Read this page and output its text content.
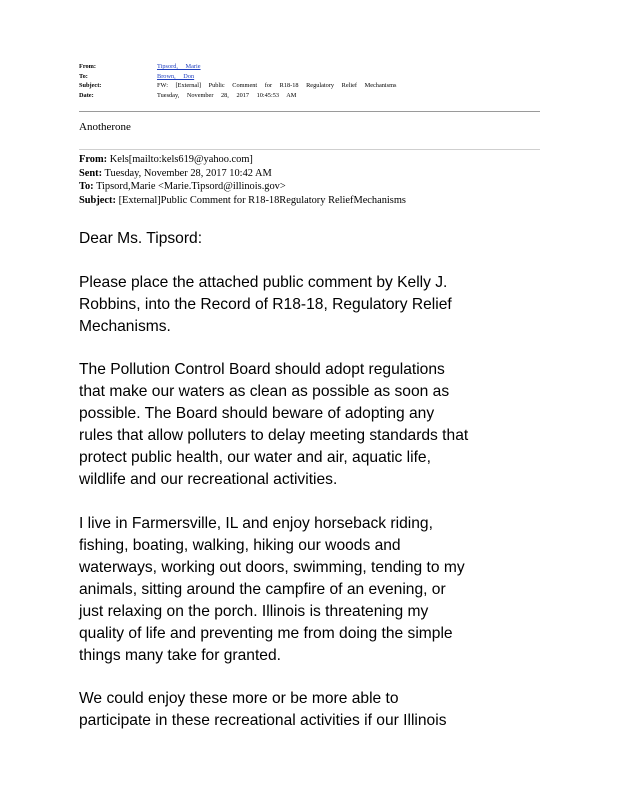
From:	Tipsord, Marie
To:	Brown, Don
Subject:	FW: [External] Public Comment for R18-18 Regulatory Relief Mechanisms
Date:	Tuesday, November 28, 2017 10:45:53 AM
Anotherone
From: Kels[mailto:kels619@yahoo.com]
Sent: Tuesday, November 28, 2017 10:42 AM
To: Tipsord,Marie <Marie.Tipsord@illinois.gov>
Subject: [External]Public Comment for R18-18Regulatory ReliefMechanisms

Dear Ms. Tipsord:

Please place the attached public comment by Kelly J.
Robbins, into the Record of R18-18, Regulatory Relief
Mechanisms.

The Pollution Control Board should adopt regulations
that make our waters as clean as possible as soon as
possible. The Board should beware of adopting any
rules that allow polluters to delay meeting standards that
protect public health, our water and air, aquatic life,
wildlife and our recreational activities.

I live in Farmersville, IL and enjoy horseback riding,
fishing, boating, walking, hiking our woods and
waterways, working out doors, swimming, tending to my
animals, sitting around the campfire of an evening, or
just relaxing on the porch. Illinois is threatening my
quality of life and preventing me from doing the simple
things many take for granted.

We could enjoy these more or be more able to
participate in these recreational activities if our Illinois
